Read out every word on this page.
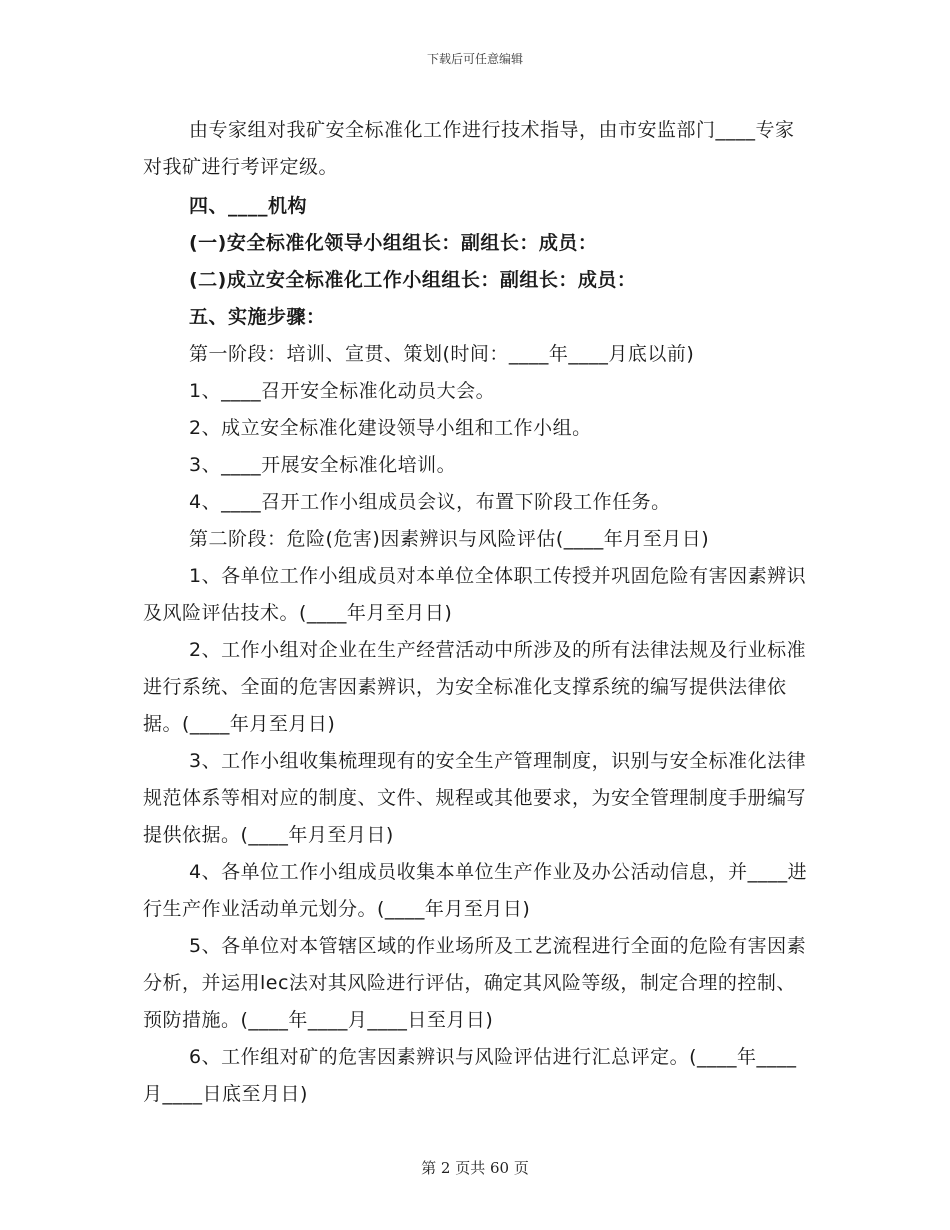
下载后可任意编辑

由专家组对我矿安全标准化工作进行技术指导，由市安监部门____专家对我矿进行考评定级。

四、____机构

(一)安全标准化领导小组组长：副组长：成员：

(二)成立安全标准化工作小组组长：副组长：成员：

五、实施步骤：

第一阶段：培训、宣贯、策划(时间：____年____月底以前)

1、____召开安全标准化动员大会。

2、成立安全标准化建设领导小组和工作小组。

3、____开展安全标准化培训。

4、____召开工作小组成员会议，布置下阶段工作任务。

第二阶段：危险(危害)因素辨识与风险评估(____年月至月日)

1、各单位工作小组成员对本单位全体职工传授并巩固危险有害因素辨识及风险评估技术。(____年月至月日)

2、工作小组对企业在生产经营活动中所涉及的所有法律法规及行业标准进行系统、全面的危害因素辨识，为安全标准化支撑系统的编写提供法律依据。(____年月至月日)

3、工作小组收集梳理现有的安全生产管理制度，识别与安全标准化法律规范体系等相对应的制度、文件、规程或其他要求，为安全管理制度手册编写提供依据。(____年月至月日)

4、各单位工作小组成员收集本单位生产作业及办公活动信息，并____进行生产作业活动单元划分。(____年月至月日)

5、各单位对本管辖区域的作业场所及工艺流程进行全面的危险有害因素分析，并运用lec法对其风险进行评估，确定其风险等级，制定合理的控制、预防措施。(____年____月____日至月日)

6、工作组对矿的危害因素辨识与风险评估进行汇总评定。(____年____月____日底至月日)

第 2 页共 60 页
